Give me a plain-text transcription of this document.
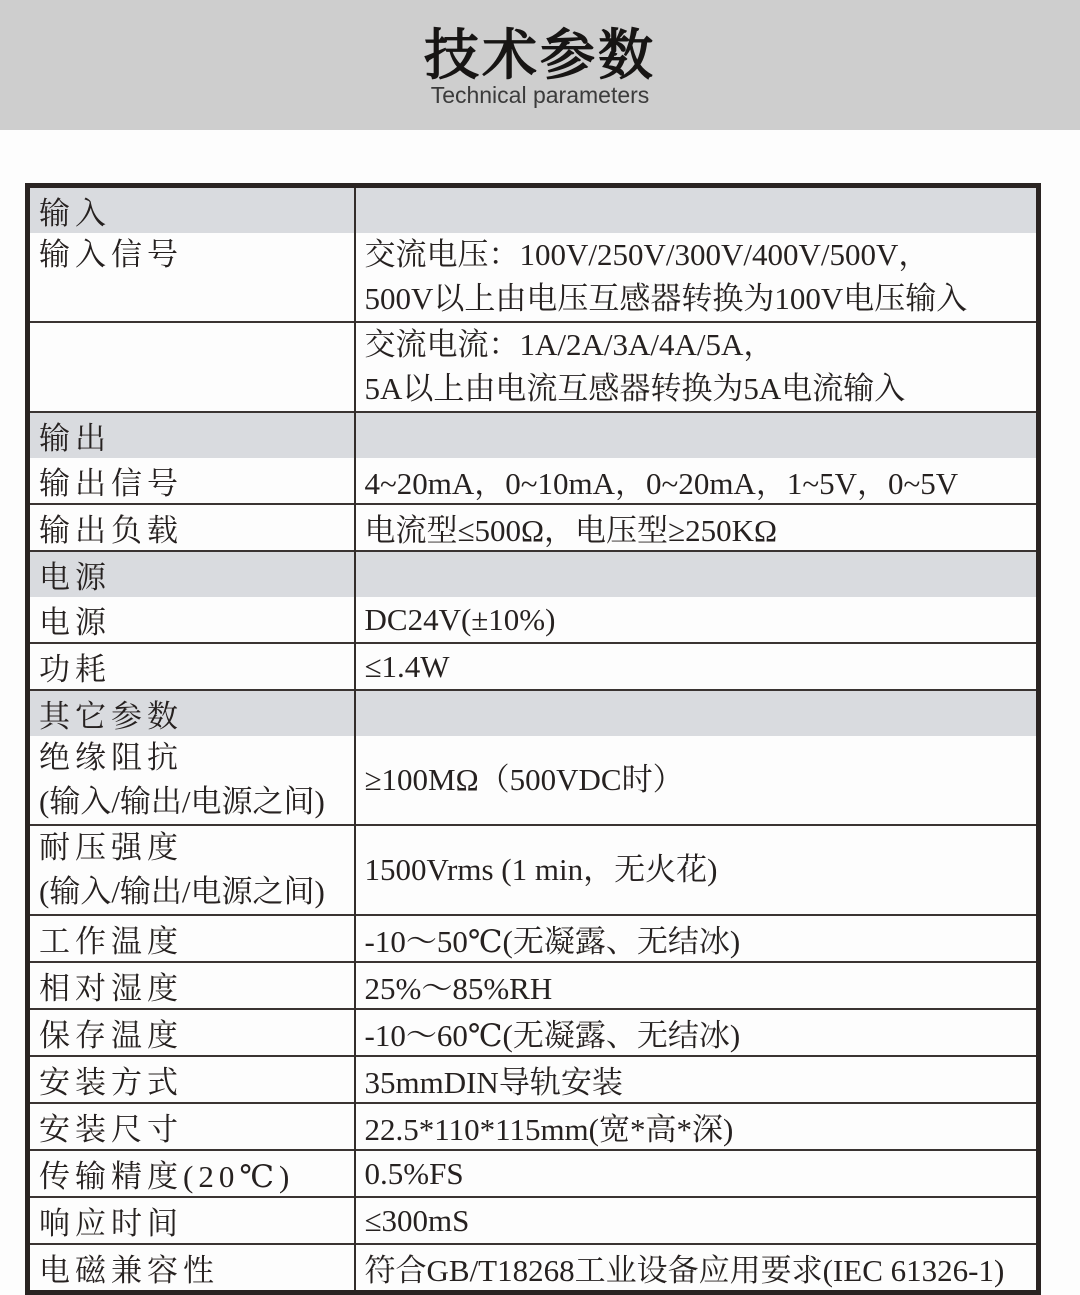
技术参数
Technical parameters
输入	

输入信号	交流电压：100V/250V/300V/400V/500V，
500V以上由电压互感器转换为100V电压输入

	交流电流：1A/2A/3A/4A/5A，
5A以上由电流互感器转换为5A电流输入

输出	

输出信号	4~20mA，0~10mA，0~20mA，1~5V，0~5V

输出负载	电流型≤500Ω，电压型≥250KΩ

电源	

电源	DC24V(±10%)

功耗	≤1.4W

其它参数	

绝缘阻抗
(输入/输出/电源之间)	≥100MΩ（500VDC时）

耐压强度
(输入/输出/电源之间)	1500Vrms (1 min，无火花)

工作温度	-10～50℃(无凝露、无结冰)

相对湿度	25%～85%RH

保存温度	-10～60℃(无凝露、无结冰)

安装方式	35mmDIN导轨安装

安装尺寸	22.5*110*115mm(宽*高*深)

传输精度(20℃)	0.5%FS

响应时间	≤300mS

电磁兼容性	符合GB/T18268工业设备应用要求(IEC 61326-1)
